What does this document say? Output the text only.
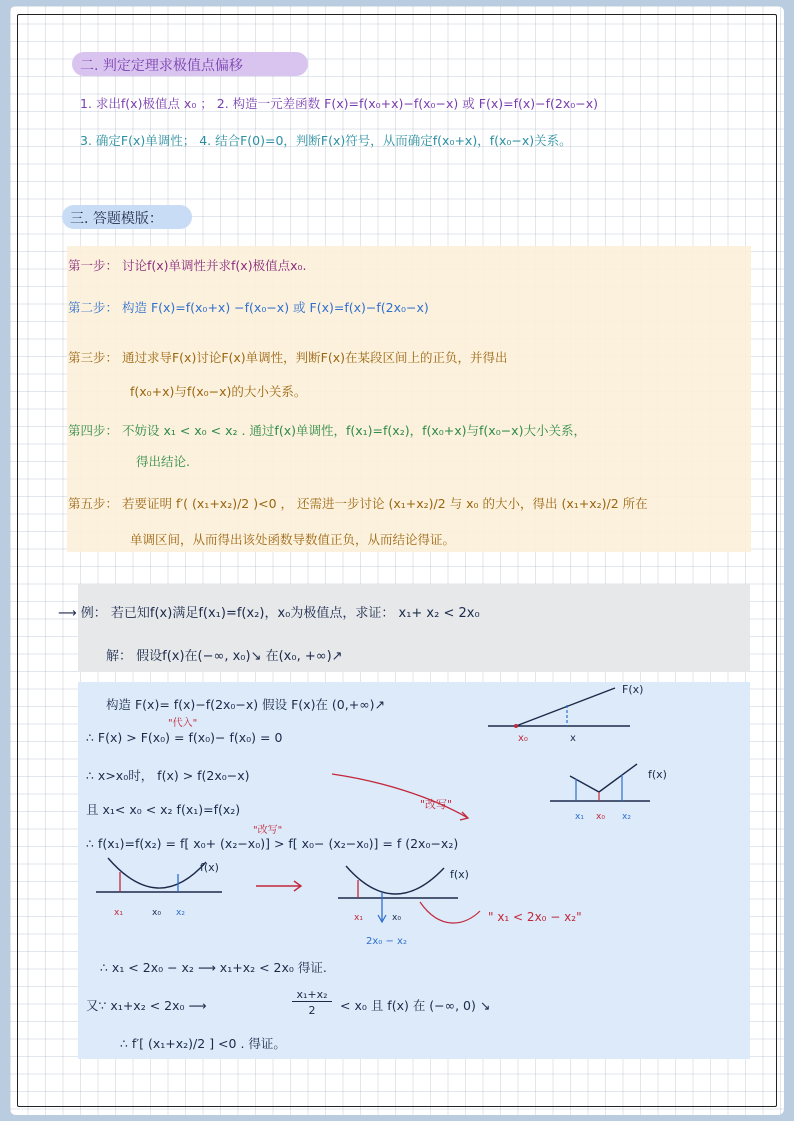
二. 判定定理求极值点偏移
1. 求出f(x)极值点 x₀ ； 2. 构造一元差函数 F(x)=f(x₀+x)−f(x₀−x) 或 F(x)=f(x)−f(2x₀−x)
3. 确定F(x)单调性； 4. 结合F(0)=0，判断F(x)符号，从而确定f(x₀+x)，f(x₀−x)关系。
三. 答题模版：
第一步： 讨论f(x)单调性并求f(x)极值点x₀.
第二步： 构造 F(x)=f(x₀+x) −f(x₀−x) 或 F(x)=f(x)−f(2x₀−x)
第三步： 通过求导F(x)讨论F(x)单调性，判断F(x)在某段区间上的正负，并得出
f(x₀+x)与f(x₀−x)的大小关系。
第四步： 不妨设 x₁ < x₀ < x₂ . 通过f(x)单调性，f(x₁)=f(x₂)，f(x₀+x)与f(x₀−x)大小关系，
得出结论.
第五步： 若要证明 f′( (x₁+x₂)/2 )<0 ， 还需进一步讨论 (x₁+x₂)/2 与 x₀ 的大小，得出 (x₁+x₂)/2 所在
单调区间，从而得出该处函数导数值正负，从而结论得证。
⟶ 例： 若已知f(x)满足f(x₁)=f(x₂)，x₀为极值点，求证： x₁+ x₂ < 2x₀
解： 假设f(x)在(−∞, x₀)↘ 在(x₀, +∞)↗
构造 F(x)= f(x)−f(2x₀−x) 假设 F(x)在 (0,+∞)↗
"代入"
∴ F(x) > F(x₀) = f(x₀)− f(x₀) = 0
∴ x>x₀时， f(x) > f(2x₀−x)
且 x₁< x₀ < x₂ f(x₁)=f(x₂)	"改写"
"改写"
∴ f(x₁)=f(x₂) = f[ x₀+ (x₂−x₀)] > f[ x₀− (x₂−x₀)] = f (2x₀−x₂)
" x₁ < 2x₀ − x₂"
∴ x₁ < 2x₀ − x₂ ⟶ x₁+x₂ < 2x₀ 得证.
又∵ x₁+x₂ < 2x₀ ⟶
x₁+x₂
2	< x₀ 且 f(x) 在 (−∞, 0) ↘
∴ f′[ (x₁+x₂)/2 ] <0 . 得证。
F(x)
x₀	x
f(x)
x₁ x₀ x₂
f(x)
x₁	x₀ x₂
f(x)
x₁	x₀
2x₀ − x₂
